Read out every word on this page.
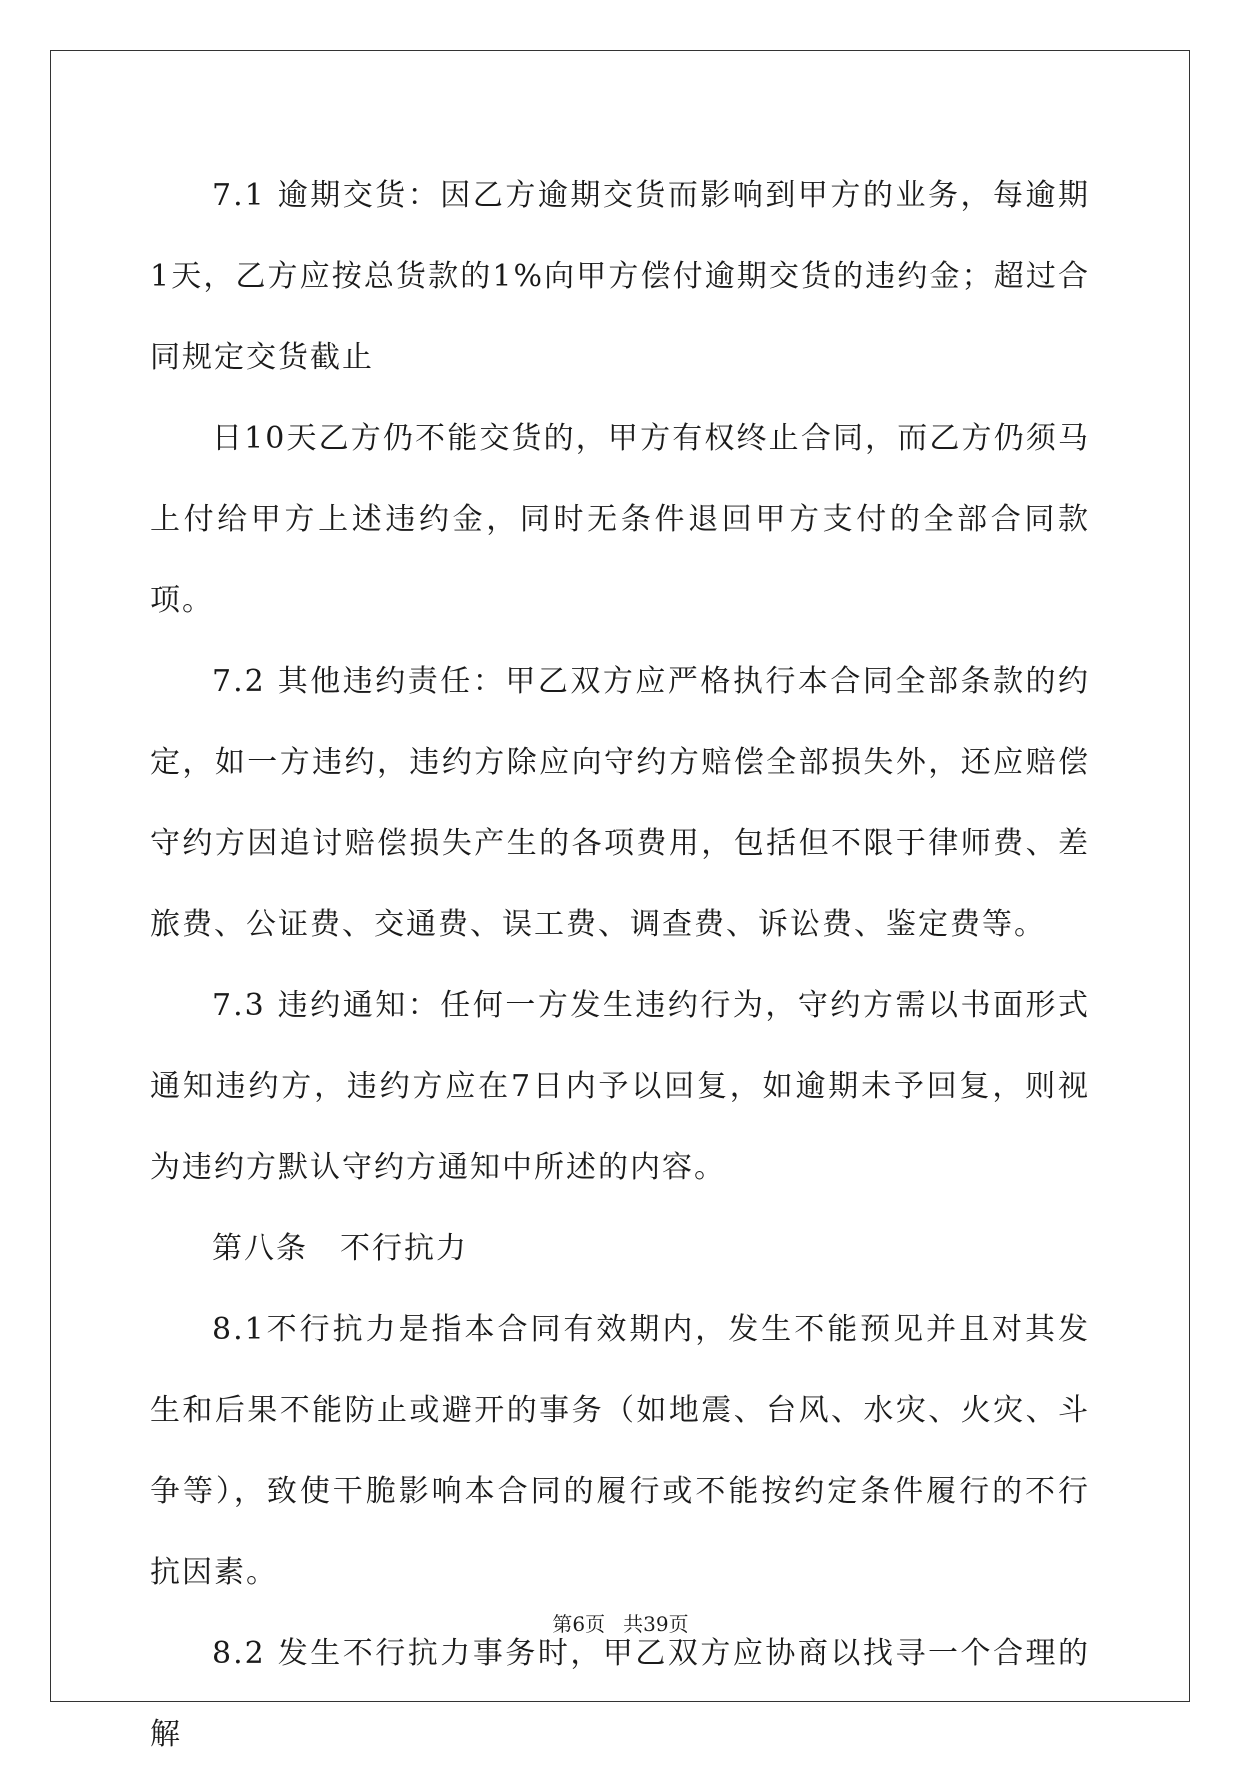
7.1 逾期交货：因乙方逾期交货而影响到甲方的业务，每逾期1天，乙方应按总货款的1%向甲方偿付逾期交货的违约金；超过合同规定交货截止

日10天乙方仍不能交货的，甲方有权终止合同，而乙方仍须马上付给甲方上述违约金，同时无条件退回甲方支付的全部合同款项。

7.2 其他违约责任：甲乙双方应严格执行本合同全部条款的约定，如一方违约，违约方除应向守约方赔偿全部损失外，还应赔偿守约方因追讨赔偿损失产生的各项费用，包括但不限于律师费、差旅费、公证费、交通费、误工费、调查费、诉讼费、鉴定费等。

7.3 违约通知：任何一方发生违约行为，守约方需以书面形式通知违约方，违约方应在7日内予以回复，如逾期未予回复，则视为违约方默认守约方通知中所述的内容。

第八条　不行抗力

8.1不行抗力是指本合同有效期内，发生不能预见并且对其发生和后果不能防止或避开的事务（如地震、台风、水灾、火灾、斗争等），致使干脆影响本合同的履行或不能按约定条件履行的不行抗因素。

8.2 发生不行抗力事务时，甲乙双方应协商以找寻一个合理的解

第6页 共39页
